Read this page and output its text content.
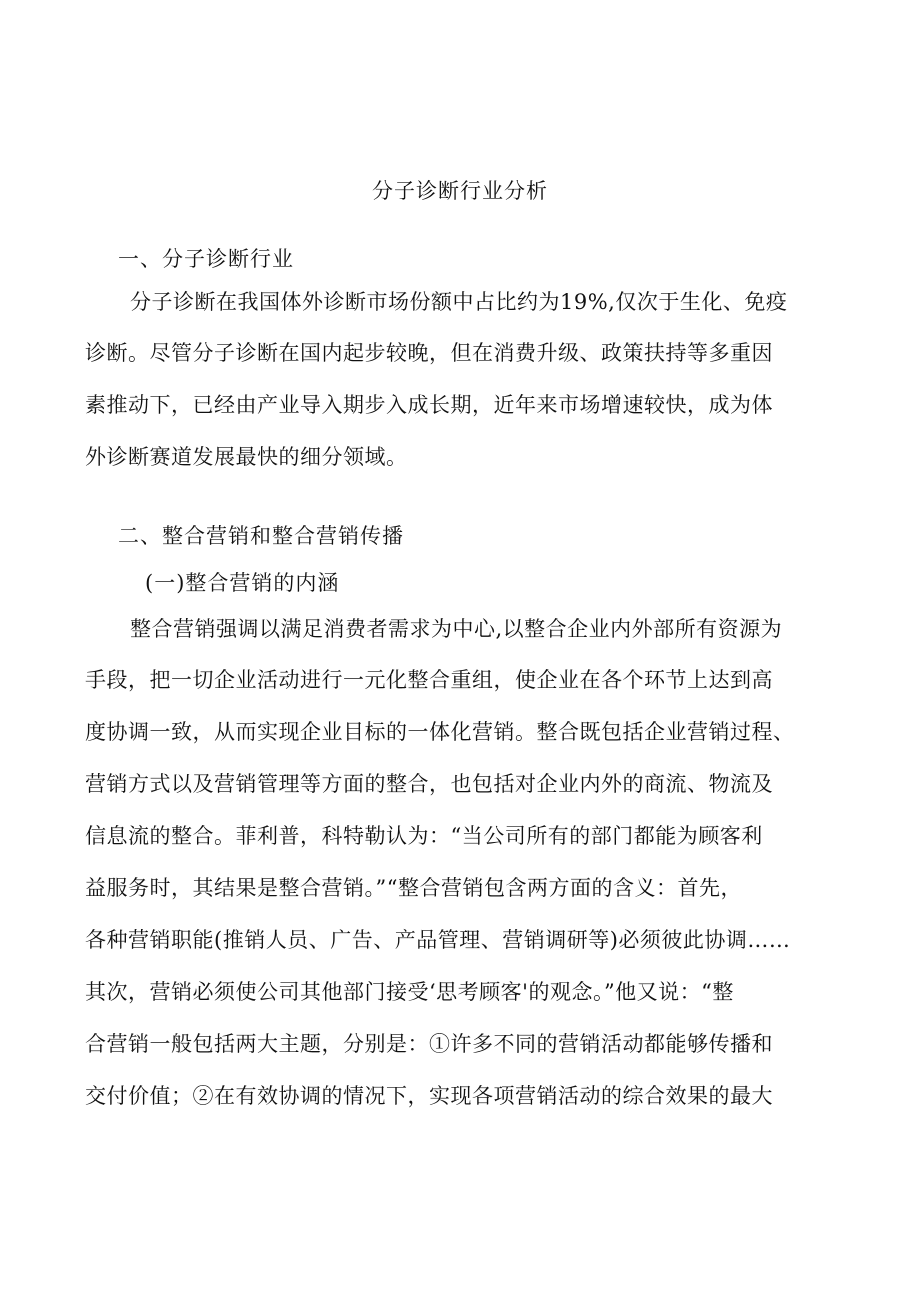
分子诊断行业分析
一、分子诊断行业
分子诊断在我国体外诊断市场份额中占比约为19%,仅次于生化、免疫
诊断。尽管分子诊断在国内起步较晚，但在消费升级、政策扶持等多重因
素推动下，已经由产业导入期步入成长期，近年来市场增速较快，成为体
外诊断赛道发展最快的细分领域。
二、整合营销和整合营销传播
(一)整合营销的内涵
整合营销强调以满足消费者需求为中心,以整合企业内外部所有资源为
手段，把一切企业活动进行一元化整合重组，使企业在各个环节上达到高
度协调一致，从而实现企业目标的一体化营销。整合既包括企业营销过程、
营销方式以及营销管理等方面的整合，也包括对企业内外的商流、物流及
信息流的整合。菲利普，科特勒认为：“当公司所有的部门都能为顾客利
益服务时，其结果是整合营销。”“整合营销包含两方面的含义：首先，
各种营销职能(推销人员、广告、产品管理、营销调研等)必须彼此协调……
其次，营销必须使公司其他部门接受‘思考顾客'的观念。”他又说：“整
合营销一般包括两大主题，分别是：①许多不同的营销活动都能够传播和
交付价值；②在有效协调的情况下，实现各项营销活动的综合效果的最大
